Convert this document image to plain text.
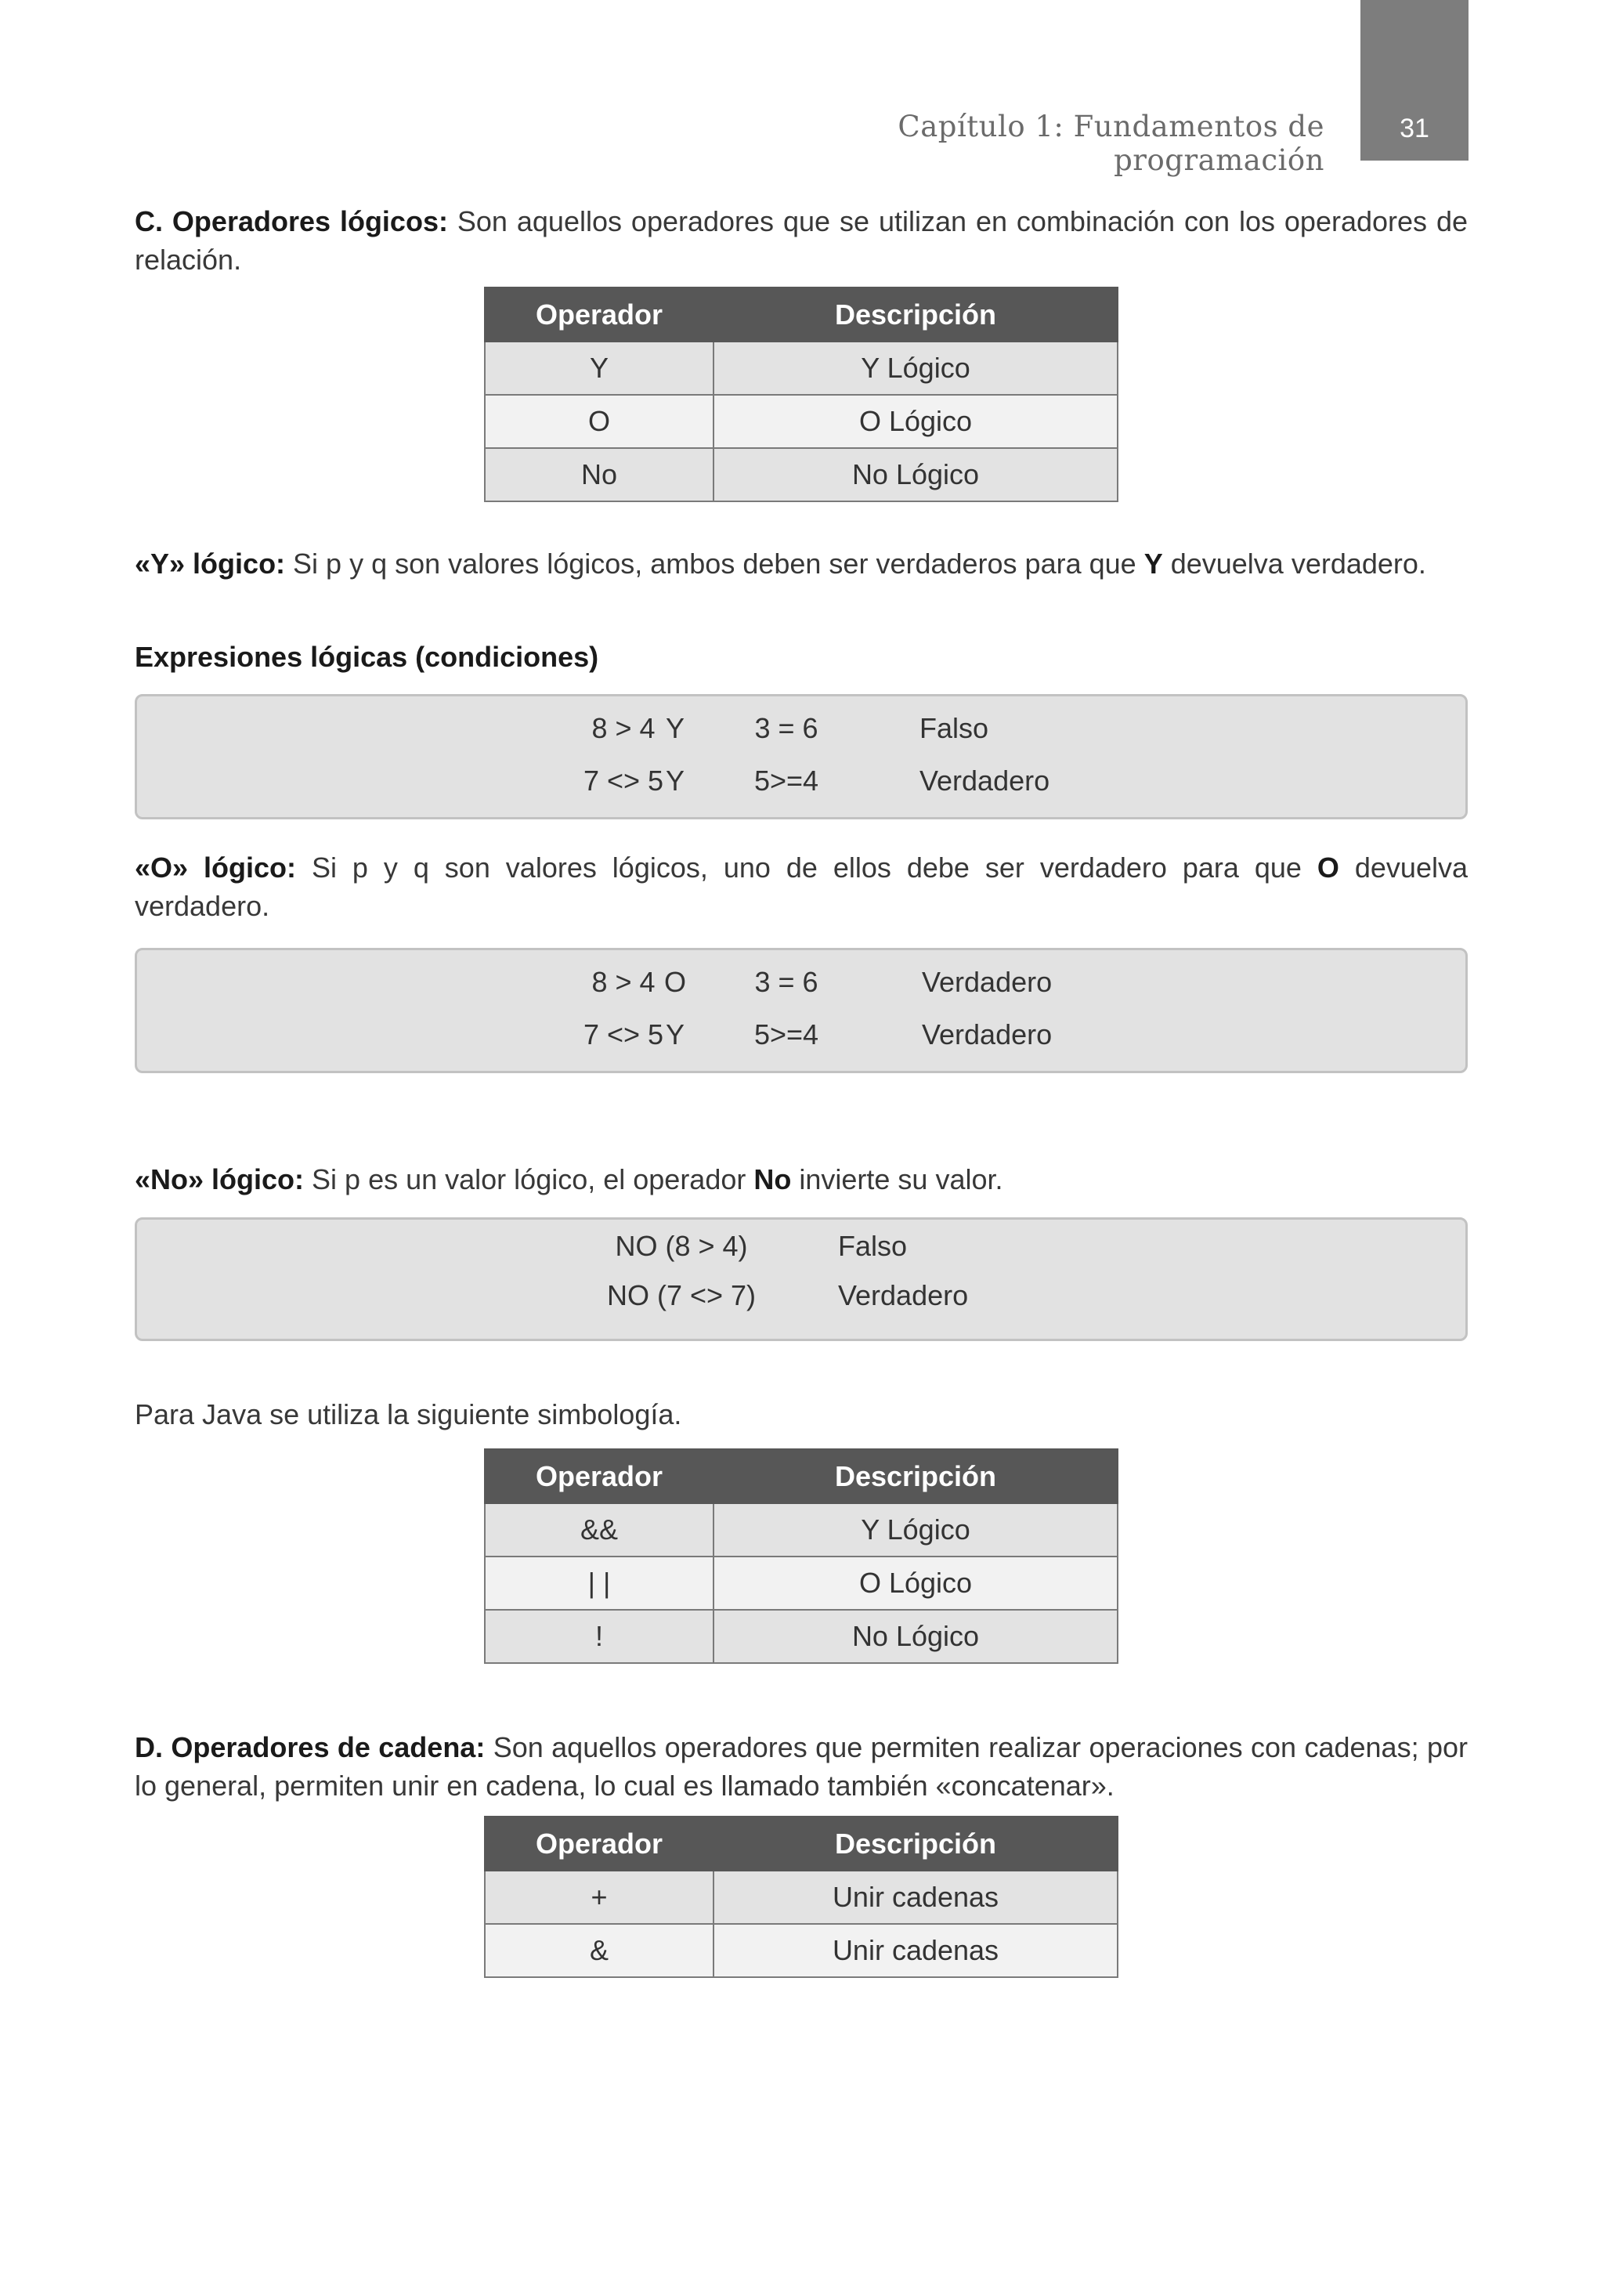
Capítulo 1: Fundamentos de programación
31
C. Operadores lógicos: Son aquellos operadores que se utilizan en combinación con los operadores de relación.
Operador	Descripción
Y	Y Lógico
O	O Lógico
No	No Lógico
«Y» lógico: Si p y q son valores lógicos, ambos deben ser verdaderos para que Y devuelva verdadero.
Expresiones lógicas (condiciones)
8 > 4 Y	3 = 6	Falso
7 <> 5 Y	5>=4	Verdadero
«O» lógico: Si p y q son valores lógicos, uno de ellos debe ser verdadero para que O devuelva verdadero.
8 > 4 O	3 = 6	Verdadero
7 <> 5 Y	5>=4	Verdadero
«No» lógico: Si p es un valor lógico, el operador No invierte su valor.
NO (8 > 4)	Falso
NO (7 <> 7)	Verdadero
Para Java se utiliza la siguiente simbología.
Operador	Descripción
&&	Y Lógico
| |	O Lógico
!	No Lógico
D. Operadores de cadena: Son aquellos operadores que permiten realizar operaciones con cadenas; por lo general, permiten unir en cadena, lo cual es llamado también «concatenar».
Operador	Descripción
+	Unir cadenas
&	Unir cadenas
